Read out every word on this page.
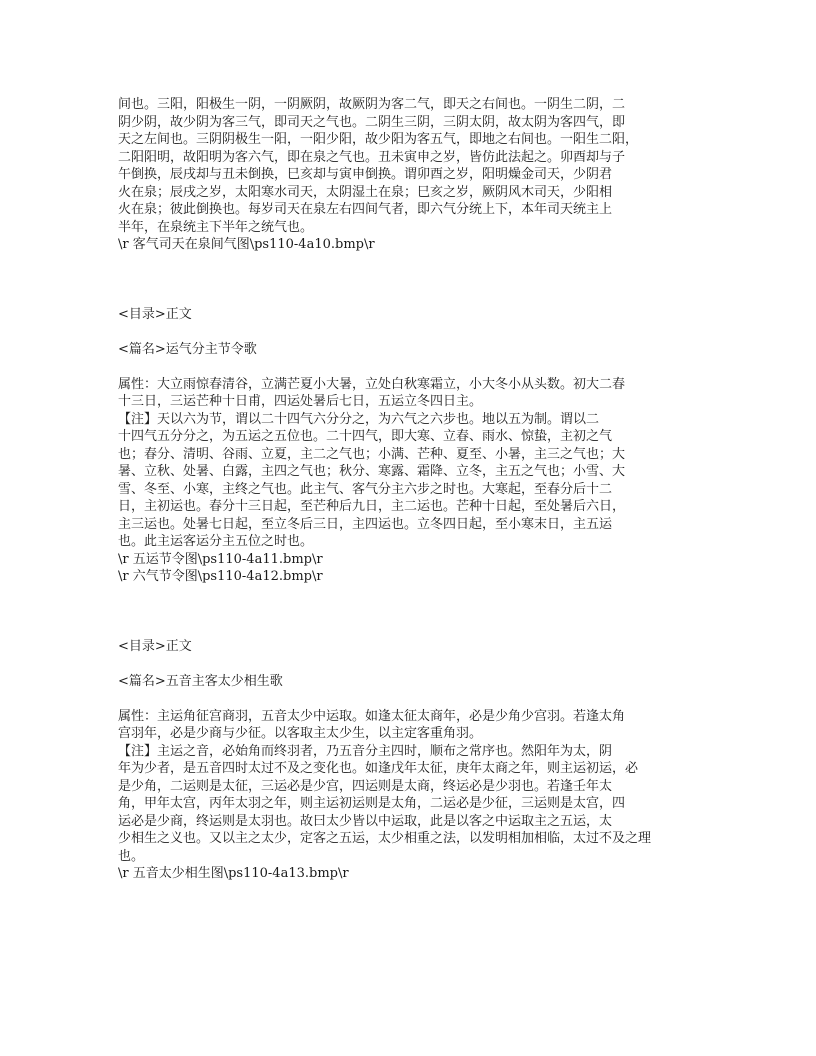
间也。三阳，阳极生一阴，一阴厥阴，故厥阴为客二气，即天之右间也。一阴生二阴，二
阴少阴，故少阴为客三气，即司天之气也。二阴生三阴，三阴太阴，故太阴为客四气，即
天之左间也。三阴阴极生一阳，一阳少阳，故少阳为客五气，即地之右间也。一阳生二阳，
二阳阳明，故阳明为客六气，即在泉之气也。丑未寅申之岁，皆仿此法起之。卯酉却与子
午倒换，辰戌却与丑未倒换，巳亥却与寅申倒换。谓卯酉之岁，阳明燥金司天，少阴君
火在泉；辰戌之岁，太阳寒水司天，太阴湿土在泉；巳亥之岁，厥阴风木司天，少阳相
火在泉；彼此倒换也。每岁司天在泉左右四间气者，即六气分统上下，本年司天统主上
半年，在泉统主下半年之统气也。
\r 客气司天在泉间气图\ps110-4a10.bmp\r
<目录>正文
<篇名>运气分主节令歌
属性：大立雨惊春清谷，立满芒夏小大暑，立处白秋寒霜立，小大冬小从头数。初大二春
十三日，三运芒种十日甫，四运处暑后七日，五运立冬四日主。
【注】天以六为节，谓以二十四气六分分之，为六气之六步也。地以五为制。谓以二
十四气五分分之，为五运之五位也。二十四气，即大寒、立春、雨水、惊蛰，主初之气
也；春分、清明、谷雨、立夏，主二之气也；小满、芒种、夏至、小暑，主三之气也；大
暑、立秋、处暑、白露，主四之气也；秋分、寒露、霜降、立冬，主五之气也；小雪、大
雪、冬至、小寒，主终之气也。此主气、客气分主六步之时也。大寒起，至春分后十二
日，主初运也。春分十三日起，至芒种后九日，主二运也。芒种十日起，至处暑后六日，
主三运也。处暑七日起，至立冬后三日，主四运也。立冬四日起，至小寒末日，主五运
也。此主运客运分主五位之时也。
\r 五运节令图\ps110-4a11.bmp\r
\r 六气节令图\ps110-4a12.bmp\r
<目录>正文
<篇名>五音主客太少相生歌
属性：主运角征宫商羽，五音太少中运取。如逢太征太商年，必是少角少宫羽。若逢太角
宫羽年，必是少商与少征。以客取主太少生，以主定客重角羽。
【注】主运之音，必始角而终羽者，乃五音分主四时，顺布之常序也。然阳年为太，阴
年为少者，是五音四时太过不及之变化也。如逢戊年太征，庚年太商之年，则主运初运，必
是少角，二运则是太征，三运必是少宫，四运则是太商，终运必是少羽也。若逢壬年太
角，甲年太宫，丙年太羽之年，则主运初运则是太角，二运必是少征，三运则是太宫，四
运必是少商，终运则是太羽也。故曰太少皆以中运取，此是以客之中运取主之五运，太
少相生之义也。又以主之太少，定客之五运，太少相重之法，以发明相加相临，太过不及之理
也。
\r 五音太少相生图\ps110-4a13.bmp\r
